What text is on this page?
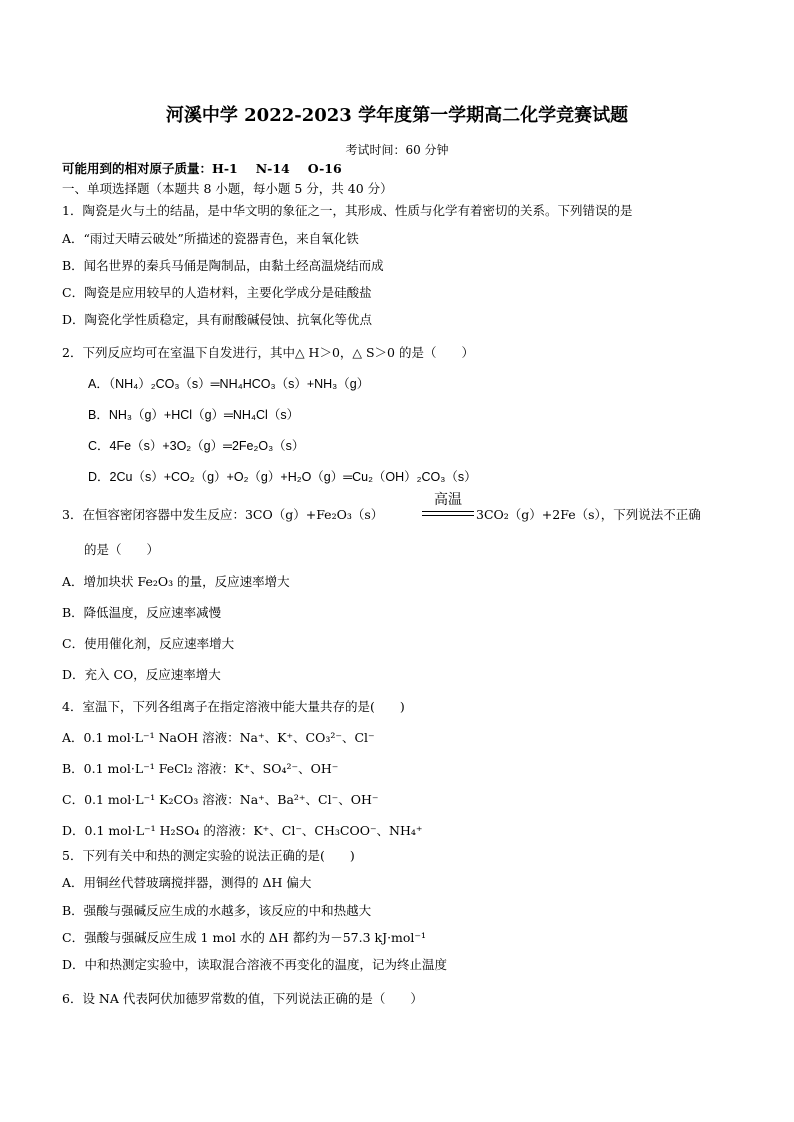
河溪中学 2022-2023 学年度第一学期高二化学竞赛试题
考试时间：60 分钟
可能用到的相对原子质量：H-1 N-14 O-16
一、单项选择题（本题共 8 小题，每小题 5 分，共 40 分）
1．陶瓷是火与土的结晶，是中华文明的象征之一，其形成、性质与化学有着密切的关系。下列错误的是
A．“雨过天晴云破处”所描述的瓷器青色，来自氧化铁
B．闻名世界的秦兵马俑是陶制品，由黏土经高温烧结而成
C．陶瓷是应用较早的人造材料，主要化学成分是硅酸盐
D．陶瓷化学性质稳定，具有耐酸碱侵蚀、抗氧化等优点
2．下列反应均可在室温下自发进行，其中△ H＞0，△ S＞0 的是（　　）
A．（NH₄）₂CO₃（s）═NH₄HCO₃（s）+NH₃（g）
B．NH₃（g）+HCl（g）═NH₄Cl（s）
C．4Fe（s）+3O₂（g）═2Fe₂O₃（s）
D．2Cu（s）+CO₂（g）+O₂（g）+H₂O（g）═Cu₂（OH）₂CO₃（s）
3．在恒容密闭容器中发生反应：3CO（g）+Fe₂O₃（s）
高温
3CO₂（g）+2Fe（s），下列说法不正确
的是（　　）
A．增加块状 Fe₂O₃ 的量，反应速率增大
B．降低温度，反应速率减慢
C．使用催化剂，反应速率增大
D．充入 CO，反应速率增大
4．室温下，下列各组离子在指定溶液中能大量共存的是(　　)
A．0.1 mol·L⁻¹ NaOH 溶液：Na⁺、K⁺、CO₃²⁻、Cl⁻
B．0.1 mol·L⁻¹ FeCl₂ 溶液：K⁺、SO₄²⁻、OH⁻
C．0.1 mol·L⁻¹ K₂CO₃ 溶液：Na⁺、Ba²⁺、Cl⁻、OH⁻
D．0.1 mol·L⁻¹ H₂SO₄ 的溶液：K⁺、Cl⁻、CH₃COO⁻、NH₄⁺
5．下列有关中和热的测定实验的说法正确的是(　　)
A．用铜丝代替玻璃搅拌器，测得的 ΔH 偏大
B．强酸与强碱反应生成的水越多，该反应的中和热越大
C．强酸与强碱反应生成 1 mol 水的 ΔH 都约为－57.3 kJ·mol⁻¹
D．中和热测定实验中，读取混合溶液不再变化的温度，记为终止温度
6．设 NA 代表阿伏加德罗常数的值，下列说法正确的是（　　）
